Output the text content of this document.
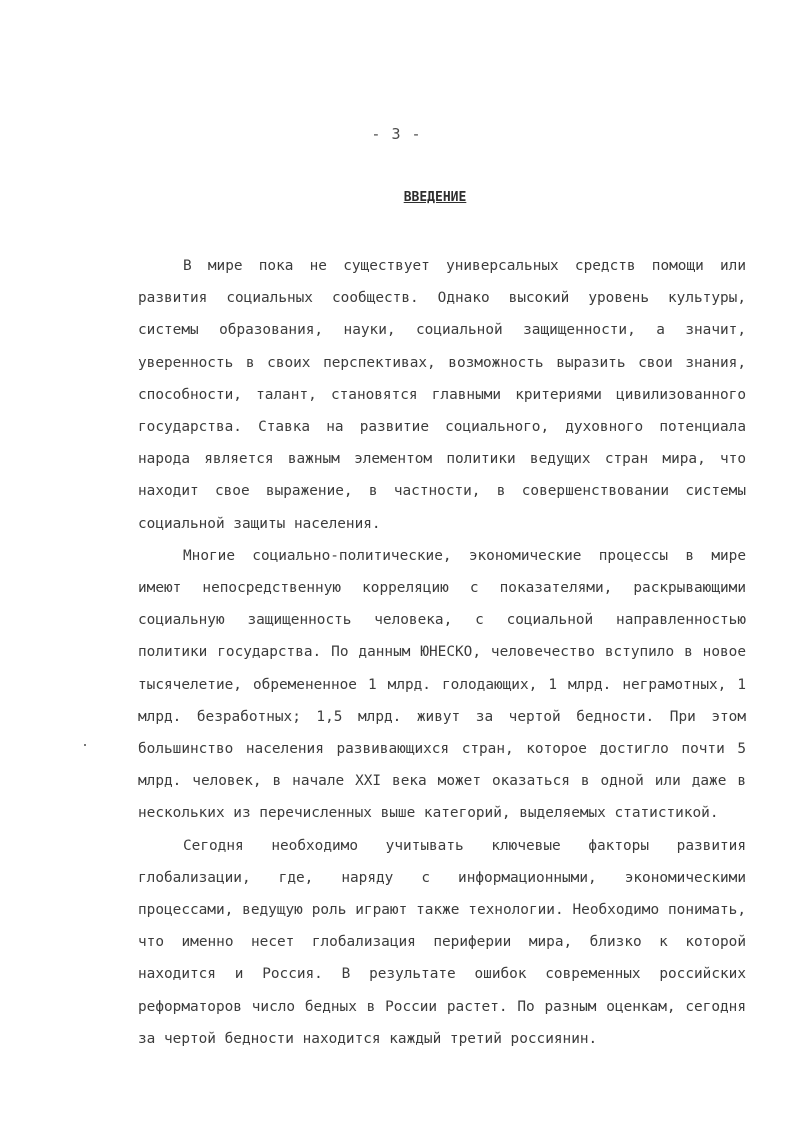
- 3 -
ВВЕДЕНИЕ

В мире пока не существует универсальных средств помощи или развития социальных сообществ. Однако высокий уровень культуры, системы образования, науки, социальной защищенности, а значит, уверенность в своих перспективах, возможность выразить свои знания, способности, талант, становятся главными критериями цивилизованного государства. Ставка на развитие социального, духовного потенциала народа является важным элементом политики ведущих стран мира, что находит свое выражение, в частности, в совершенствовании системы социальной защиты населения.

Многие социально-политические, экономические процессы в мире имеют непосредственную корреляцию с показателями, раскрывающими социальную защищенность человека, с социальной направленностью политики государства. По данным ЮНЕСКО, человечество вступило в новое тысячелетие, обремененное 1 млрд. голодающих, 1 млрд. неграмотных, 1 млрд. безработных; 1,5 млрд. живут за чертой бедности. При этом большинство населения развивающихся стран, которое достигло почти 5 млрд. человек, в начале XXI века может оказаться в одной или даже в нескольких из перечисленных выше категорий, выделяемых статистикой.

Сегодня необходимо учитывать ключевые факторы развития глобализации, где, наряду с информационными, экономическими процессами, ведущую роль играют также технологии. Необходимо понимать, что именно несет глобализация периферии мира, близко к которой находится и Россия. В результате ошибок современных российских реформаторов число бедных в России растет. По разным оценкам, сегодня за чертой бедности находится каждый третий россиянин.
